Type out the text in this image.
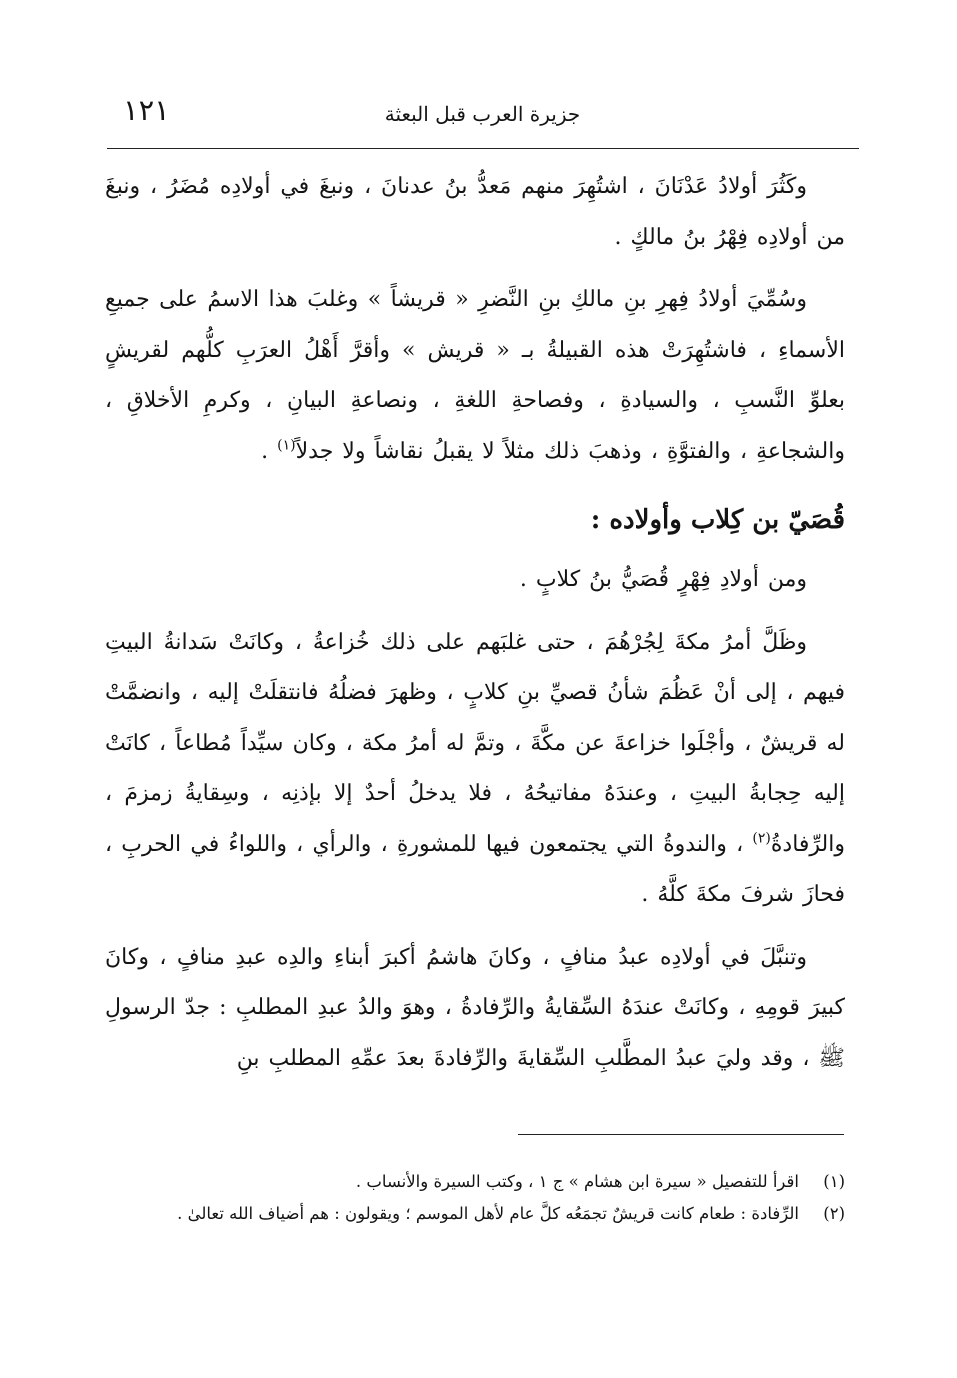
١٢١	جزيرة العرب قبل البعثة

وكَثُرَ أولادُ عَدْنَانَ ، اشتُهِرَ منهم مَعدُّ بنُ عدنانَ ، ونبغَ في أولادِه مُضَرُ ، ونبغَ من أولادِه فِهْرُ بنُ مالكٍ .

وسُمِّيَ أولادُ فِهرِ بنِ مالكِ بنِ النَّضرِ « قريشاً » وغلبَ هذا الاسمُ على جميعِ الأسماءِ ، فاشتُهِرَتْ هذه القبيلةُ بـ « قريش » وأقرَّ أَهْلُ العرَبِ كلُّهم لقريشٍ بعلوِّ النَّسبِ ، والسيادةِ ، وفصاحةِ اللغةِ ، ونصاعةِ البيانِ ، وكرمِ الأخلاقِ ، والشجاعةِ ، والفتوَّةِ ، وذهبَ ذلك مثلاً لا يقبلُ نقاشاً ولا جدلاً$^{(١)}$ .

قُصَيّ بن كِلاب وأولاده :

ومن أولادِ فِهْرٍ قُصَيُّ بنُ كلابٍ .

وظَلَّ أمرُ مكةَ لِجُرْهُمَ ، حتى غلبَهم على ذلك خُزاعةُ ، وكانَتْ سَدانةُ البيتِ فيهم ، إلى أنْ عَظُمَ شأنُ قصيِّ بنِ كلابٍ ، وظهرَ فضلُهُ فانتقلَتْ إليه ، وانضمَّتْ له قريشٌ ، وأجْلَوا خزاعةَ عن مكَّةَ ، وتمَّ له أمرُ مكة ، وكان سيِّداً مُطاعاً ، كانَتْ إليه حِجابةُ البيتِ ، وعندَهُ مفاتيحُهُ ، فلا يدخلُ أحدٌ إلا بإذنِه ، وسِقايةُ زمزمَ ، والرِّفادةُ$^{(٢)}$ ، والندوةُ التي يجتمعون فيها للمشورةِ ، والرأي ، واللواءُ في الحربِ ، فحازَ شرفَ مكةَ كلَّهُ .

وتنبَّلَ في أولادِه عبدُ منافٍ ، وكانَ هاشمُ أكبرَ أبناءِ والدِه عبدِ منافٍ ، وكانَ كبيرَ قومِهِ ، وكانَتْ عندَهُ السِّقايةُ والرِّفادةُ ، وهوَ والدُ عبدِ المطلبِ : جدّ الرسولِ ﷺ ، وقد وليَ عبدُ المطَّلبِ السِّقايةَ والرِّفادةَ بعدَ عمِّهِ المطلبِ بنِ

(١)
اقرأ للتفصيل « سيرة ابن هشام » ج ١ ، وكتب السيرة والأنساب .
(٢)
الرِّفادة : طعام كانت قريشٌ تجمَعُه كلَّ عام لأهل الموسم ؛ ويقولون : هم أضياف الله تعالىٰ .
